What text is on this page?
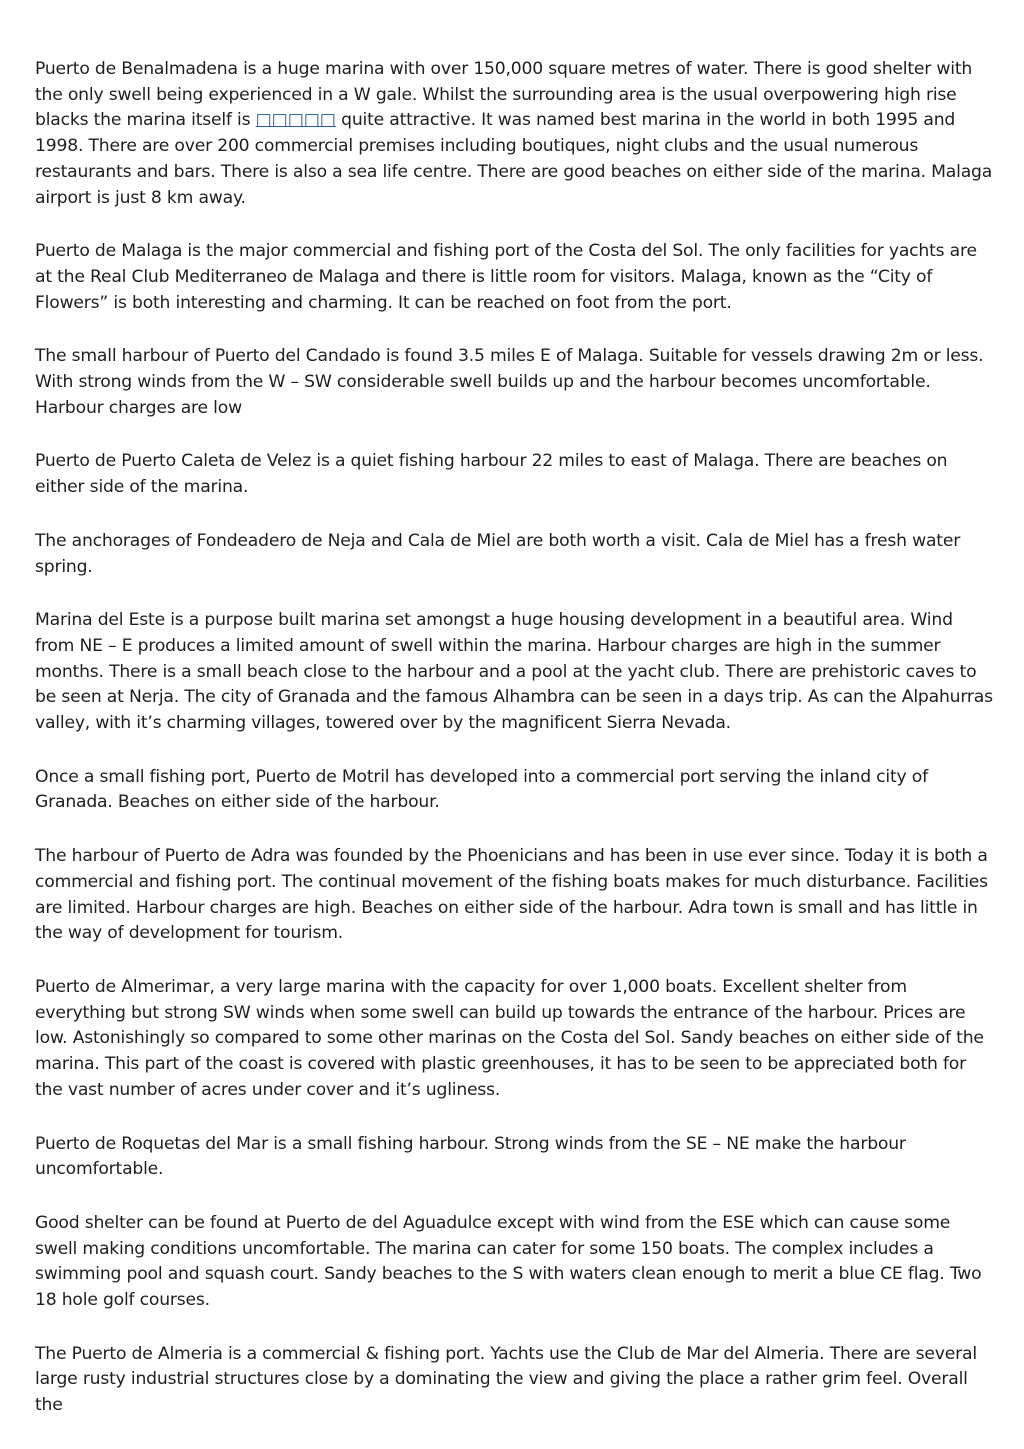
Puerto de Benalmadena is a huge marina with over 150,000 square metres of water. There is good shelter with the only swell being experienced in a W gale. Whilst the surrounding area is the usual overpowering high rise blacks the marina itself is □□□□□ quite attractive. It was named best marina in the world in both 1995 and 1998. There are over 200 commercial premises including boutiques, night clubs and the usual numerous restaurants and bars. There is also a sea life centre. There are good beaches on either side of the marina. Malaga airport is just 8 km away.

Puerto de Malaga is the major commercial and fishing port of the Costa del Sol. The only facilities for yachts are at the Real Club Mediterraneo de Malaga and there is little room for visitors. Malaga, known as the “City of Flowers” is both interesting and charming. It can be reached on foot from the port.

The small harbour of Puerto del Candado is found 3.5 miles E of Malaga. Suitable for vessels drawing 2m or less. With strong winds from the W – SW considerable swell builds up and the harbour becomes uncomfortable. Harbour charges are low

Puerto de Puerto Caleta de Velez is a quiet fishing harbour 22 miles to east of Malaga. There are beaches on either side of the marina.

The anchorages of Fondeadero de Neja and Cala de Miel are both worth a visit. Cala de Miel has a fresh water spring.

Marina del Este is a purpose built marina set amongst a huge housing development in a beautiful area. Wind from NE – E produces a limited amount of swell within the marina. Harbour charges are high in the summer months. There is a small beach close to the harbour and a pool at the yacht club. There are prehistoric caves to be seen at Nerja. The city of Granada and the famous Alhambra can be seen in a days trip. As can the Alpahurras valley, with it’s charming villages, towered over by the magnificent Sierra Nevada.

Once a small fishing port, Puerto de Motril has developed into a commercial port serving the inland city of Granada. Beaches on either side of the harbour.

The harbour of Puerto de Adra was founded by the Phoenicians and has been in use ever since. Today it is both a commercial and fishing port. The continual movement of the fishing boats makes for much disturbance. Facilities are limited. Harbour charges are high. Beaches on either side of the harbour. Adra town is small and has little in the way of development for tourism.

Puerto de Almerimar, a very large marina with the capacity for over 1,000 boats. Excellent shelter from everything but strong SW winds when some swell can build up towards the entrance of the harbour. Prices are low. Astonishingly so compared to some other marinas on the Costa del Sol. Sandy beaches on either side of the marina. This part of the coast is covered with plastic greenhouses, it has to be seen to be appreciated both for the vast number of acres under cover and it’s ugliness.

Puerto de Roquetas del Mar is a small fishing harbour. Strong winds from the SE – NE make the harbour uncomfortable.

Good shelter can be found at Puerto de del Aguadulce except with wind from the ESE which can cause some swell making conditions uncomfortable. The marina can cater for some 150 boats. The complex includes a swimming pool and squash court. Sandy beaches to the S with waters clean enough to merit a blue CE flag. Two 18 hole golf courses.

The Puerto de Almeria is a commercial & fishing port. Yachts use the Club de Mar del Almeria. There are several large rusty industrial structures close by a dominating the view and giving the place a rather grim feel. Overall the
